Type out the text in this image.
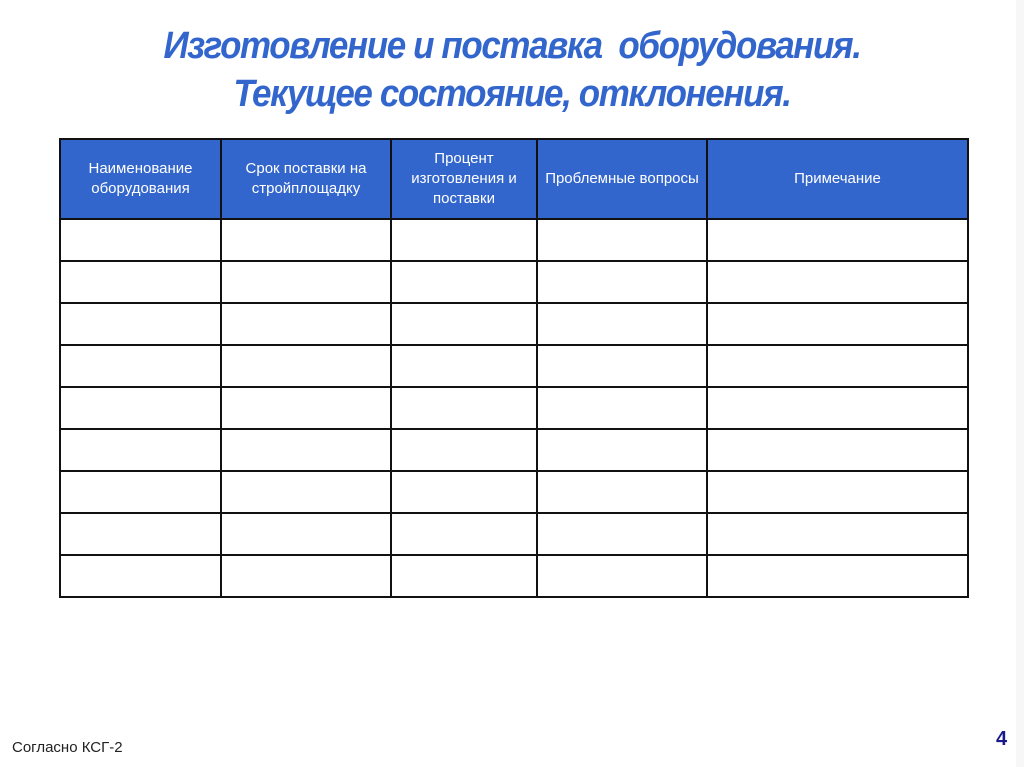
Изготовление и поставка  оборудования.
Текущее состояние, отклонения.
Наименование оборудования	Срок поставки на стройплощадку	Процент изготовления и поставки	Проблемные вопросы	Примечание

Согласно КСГ-2	4
